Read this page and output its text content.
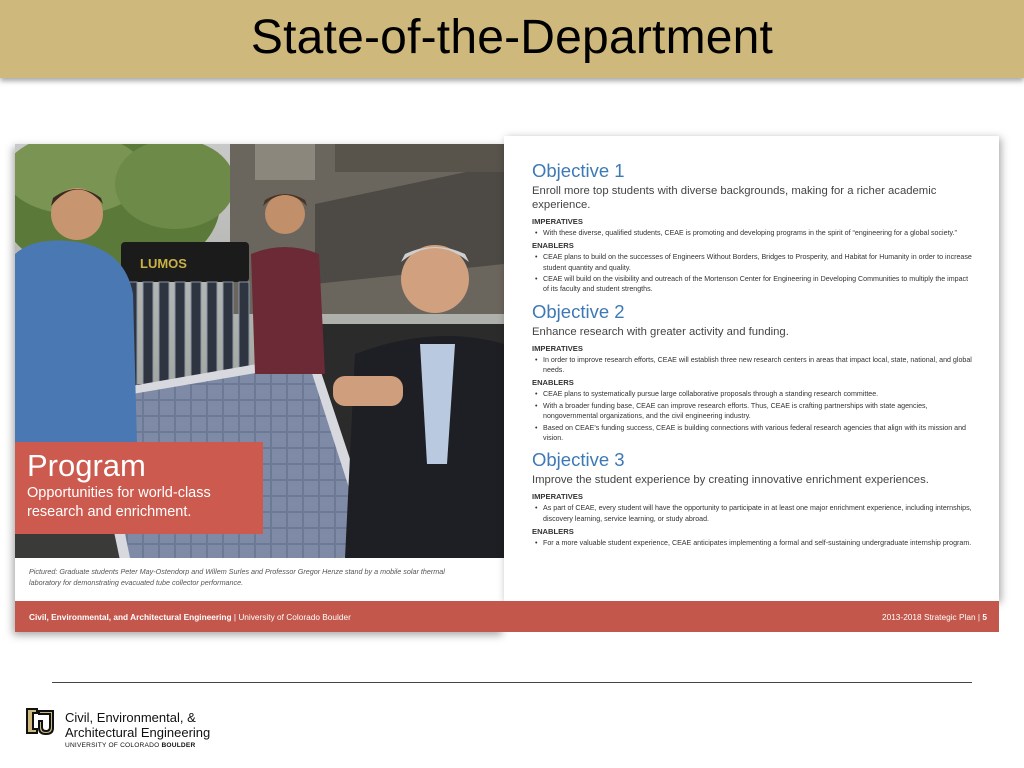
State-of-the-Department
LUMOS
Program
Opportunities for world-class
research and enrichment.
Pictured: Graduate students Peter May-Ostendorp and Willem Surles and Professor Gregor Henze stand by a mobile solar thermal
laboratory for demonstrating evacuated tube collector performance.
Objective 1
Enroll more top students with diverse backgrounds, making for a richer academic experience.
IMPERATIVES
• With these diverse, qualified students, CEAE is promoting and developing programs in the spirit of “engineering for a global society.”
ENABLERS
• CEAE plans to build on the successes of Engineers Without Borders, Bridges to Prosperity, and Habitat for Humanity in order to increase student quantity and quality.
• CEAE will build on the visibility and outreach of the Mortenson Center for Engineering in Developing Communities to multiply the impact of its faculty and student strengths.
Objective 2
Enhance research with greater activity and funding.
IMPERATIVES
• In order to improve research efforts, CEAE will establish three new research centers in areas that impact local, state, national, and global needs.
ENABLERS
• CEAE plans to systematically pursue large collaborative proposals through a standing research committee.
• With a broader funding base, CEAE can improve research efforts. Thus, CEAE is crafting partnerships with state agencies, nongovernmental organizations, and the civil engineering industry.
• Based on CEAE’s funding success, CEAE is building connections with various federal research agencies that align with its mission and vision.
Objective 3
Improve the student experience by creating innovative enrichment experiences.
IMPERATIVES
• As part of CEAE, every student will have the opportunity to participate in at least one major enrichment experience, including internships, discovery learning, service learning, or study abroad.
ENABLERS
• For a more valuable student experience, CEAE anticipates implementing a formal and self-sustaining undergraduate internship program.
Civil, Environmental, and Architectural Engineering | University of Colorado Boulder	2013-2018 Strategic Plan | 5
Civil, Environmental, &
Architectural Engineering
UNIVERSITY OF COLORADO BOULDER
